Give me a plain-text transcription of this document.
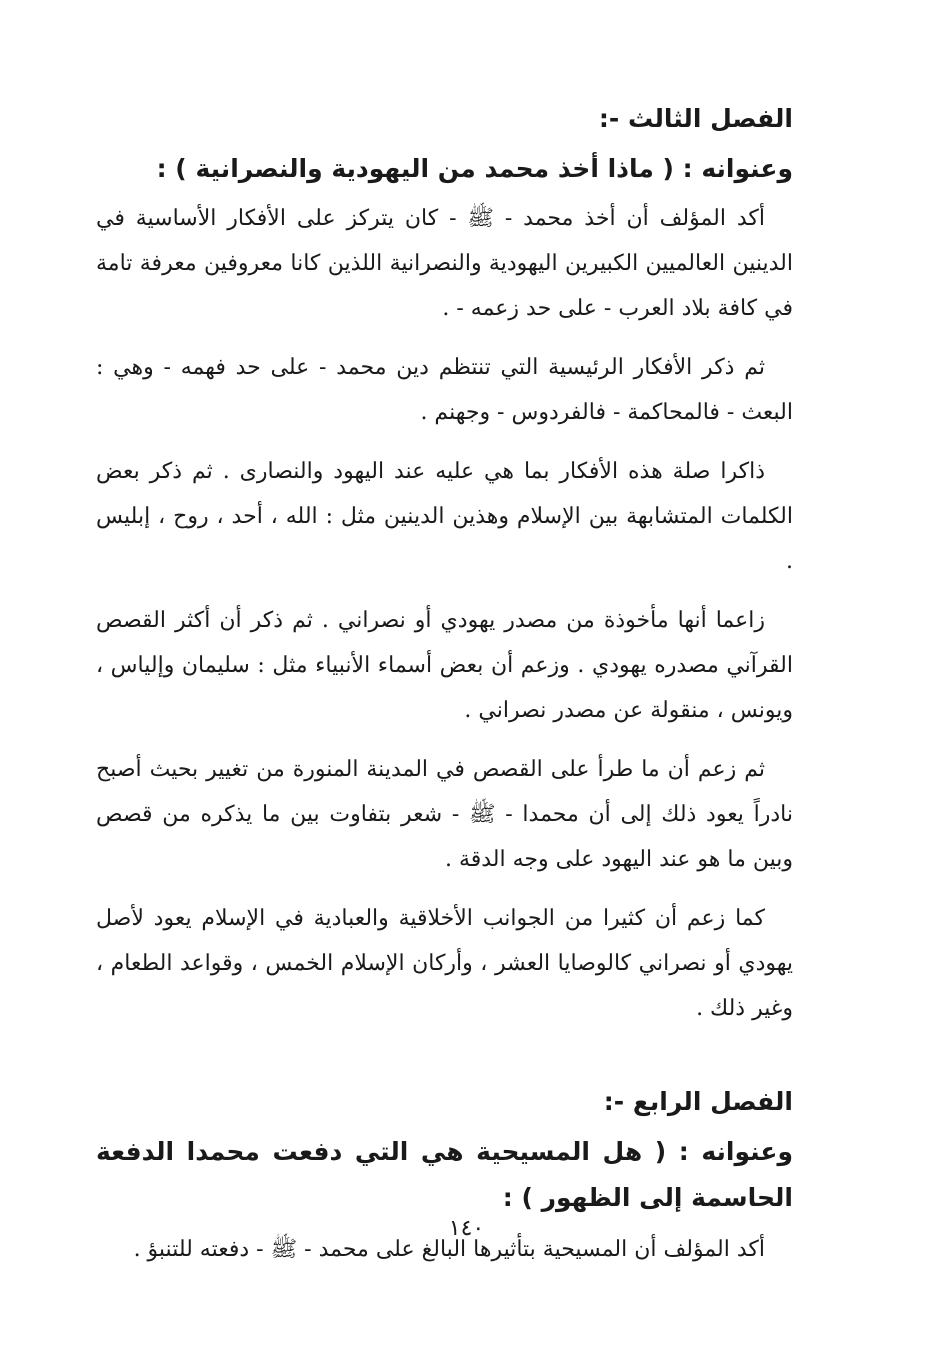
الفصل الثالث -:
وعنوانه : ( ماذا أخذ محمد من اليهودية والنصرانية ) :

أكد المؤلف أن أخذ محمد - ﷺ - كان يتركز على الأفكار الأساسية في الدينين العالميين الكبيرين اليهودية والنصرانية اللذين كانا معروفين معرفة تامة في كافة بلاد العرب - على حد زعمه - .

ثم ذكر الأفكار الرئيسية التي تنتظم دين محمد - على حد فهمه - وهي : البعث - فالمحاكمة - فالفردوس - وجهنم .

ذاكرا صلة هذه الأفكار بما هي عليه عند اليهود والنصارى . ثم ذكر بعض الكلمات المتشابهة بين الإسلام وهذين الدينين مثل : الله ، أحد ، روح ، إبليس .

زاعما أنها مأخوذة من مصدر يهودي أو نصراني . ثم ذكر أن أكثر القصص القرآني مصدره يهودي . وزعم أن بعض أسماء الأنبياء مثل : سليمان وإلياس ، ويونس ، منقولة عن مصدر نصراني .

ثم زعم أن ما طرأ على القصص في المدينة المنورة من تغيير بحيث أصبح نادراً يعود ذلك إلى أن محمدا - ﷺ - شعر بتفاوت بين ما يذكره من قصص وبين ما هو عند اليهود على وجه الدقة .

كما زعم أن كثيرا من الجوانب الأخلاقية والعبادية في الإسلام يعود لأصل يهودي أو نصراني كالوصايا العشر ، وأركان الإسلام الخمس ، وقواعد الطعام ، وغير ذلك .

الفصل الرابع -:
وعنوانه : ( هل المسيحية هي التي دفعت محمدا الدفعة الحاسمة إلى الظهور ) :

أكد المؤلف أن المسيحية بتأثيرها البالغ على محمد - ﷺ - دفعته للتنبؤ .

١٤٠
